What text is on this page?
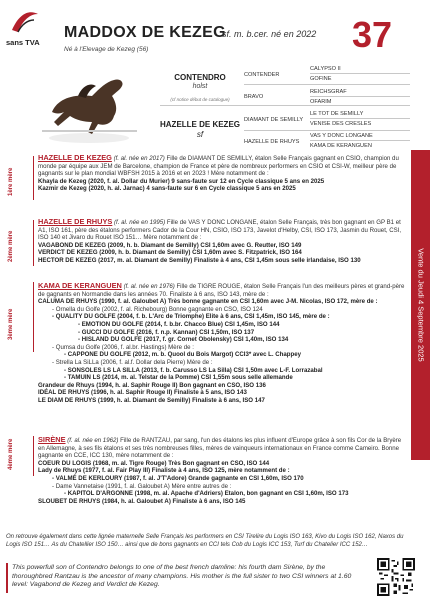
sans TVA
MADDOX DE KEZEG
sf. m. b.cer. né en 2022 37
Né à l'Elevage de Kezeg (56)
CONTENDRO
holst
(cf notice début de catalogue)
HAZELLE DE KEZEG sf
CONTENDER
BRAVO
DIAMANT DE SEMILLY
HAZELLE DE RHUYS
CALYPSO II
GOFINE
REICHSGRAF
OFARIM
LE TOT DE SEMILLY
VENISE DES CRESLES
VAS Y DONC LONGANE
KAMA DE KERANGUEN
Vente du Jeudi 4 Septembre 2025
1ère mère
2ème mère
3ème mère
4ème mère

HAZELLE DE KEZEG (f. al. née en 2017) Fille de DIAMANT DE SEMILLY, étalon Selle Français gagnant en CSIO, champion du monde par équipe aux JEM de Barcelone, champion de France et père de nombreux performers en CSIO et CSI-W, meilleur père de gagnants sur le plan mondial WBFSH 2015 à 2016 et en 2023 ! Mère notamment de :

Khayla de Kezeg (2020, f. al. Dollar du Murier) 9 sans-faute sur 12 en Cycle classique 5 ans en 2025

Kazmir de Kezeg (2020, h. al. Jarnac) 4 sans-faute sur 6 en Cycle classique 5 ans en 2025

HAZELLE DE RHUYS (f. al. née en 1995) Fille de VAS Y DONC LONGANE, étalon Selle Français, très bon gagnant en GP B1 et A1, ISO 161, père des étalons performers Cador de la Cour HN, CSIO, ISO 173, Javelot d'Helby, CSI, ISO 173, Jasmin du Rouet, CSI, ISO 140 et Jivaro du Rouet ISO 151… Mère notamment de :

VAGABOND DE KEZEG (2009, h. b. Diamant de Semilly) CSI 1,60m avec G. Reutter, ISO 149

VERDICT DE KEZEG (2009, h. b. Diamant de Semilly) CSI 1,60m avec S. Fitzpatrick, ISO 164

HECTOR DE KEZEG (2017, m. al. Diamant de Semilly) Finaliste à 4 ans, CSI 1,45m sous selle irlandaise, ISO 130

KAMA DE KERANGUEN (f. al. née en 1976) Fille de TIGRE ROUGE, étalon Selle Français l'un des meilleurs pères et grand-père de gagnants en Normandie dans les années 70. Finaliste à 6 ans, ISO 143, mère de :

CALUMA DE RHUYS (1990, f. al. Galoubet A) Très bonne gagnante en CSI 1,60m avec J-M. Nicolas, ISO 172, mère de :

- Ornella du Golfe (2002, f. al. Richebourg) Bonne gagnante en CSO, ISO 124

- QUALITY DU GOLFE (2004, f. b. L'Arc de Triomphe) Elite à 6 ans, CSI 1,45m, ISO 145, mère de :

- EMOTION DU GOLFE (2014, f. b.br. Chacco Blue) CSI 1,45m, ISO 144

- GUCCI DU GOLFE (2016, f. n.p. Kannan) CSI 1,50m, ISO 137

- HISLAND DU GOLFE (2017, f. gr. Cornet Obolensky) CSI 1,40m, ISO 134

- Qumsa du Golfe (2006, f. al.br. Hastings) Mère de :

- CAPPONE DU GOLFE (2012, m. b. Quool du Bois Margot) CCI3* avec L. Chappey

- Strella La SiLLa (2006, f. al.f. Dollar dela Pierre) Mère de :

- SONSOLES LS LA SILLA (2013, f. b. Carusso LS La Silla) CSI 1,50m avec L-F. Lorrazabal

- TAMUIN LS (2014, m. al. Telstar de la Pomme) CSI 1,55m sous selle allemande

Grandeur de Rhuys (1994, h. al. Saphir Rouge II) Bon gagnant en CSO, ISO 136

IDÉAL DE RHUYS (1996, h. al. Saphir Rouge II) Finaliste à 5 ans, ISO 143

LE DIAM DE RHUYS (1999, h. al. Diamant de Semilly) Finaliste à 6 ans, ISO 147

SIRÈNE (f. al. née en 1962) Fille de RANTZAU, par sang, l'un des étalons les plus influent d'Europe grâce à son fils Cor de la Bryère en Allemagne, à ses fils étalons et ses très nombreuses filles, mères de vainqueurs internationaux en France comme Cameiro. Bonne gagnante en CCE, ICC 130, mère notamment de :

COEUR DU LOGIS (1968, m. al. Tigre Rouge) Très Bon gagnant en CSO, ISO 144

Lady de Rhuys (1977, f. al. Fair Play III) Finaliste à 4 ans, ISO 125, mère notamment de :

- VALMÉ DE KERLOURY (1987, f. al. J'T'Adore) Grande gagnante en CSI 1,60m, ISO 170

- Dame Vannetaise (1991, f. al. Galoubet A) Mère entre autres de :

- KAPITOL D'ARGONNE (1998, m. al. Apache d'Adriers) Etalon, bon gagnant en CSI 1,60m, ISO 173

SLOUBET DE RHUYS (1984, h. al. Galoubet A) Finaliste à 6 ans, ISO 145

On retrouve également dans cette lignée maternelle Selle Français les performers en CSI Tirelire du Logis ISO 163, Kivo du Logis ISO 162, Naxos du Logis ISO 151… As du Chatellier ISO 150… ainsi que de bons gagnants en CCI tels Cob du Logis ICC 153, Turf du Chatelier ICC 152…
This powerfull son of Contendro belongs to one of the best french damline: his fourth dam Sirène, by the thoroughbred Rantzau is the ancestor of many champions. His mother is the full sister to two CSI winners at 1.60 level: Vagabond de Kezeg and Verdict de Kezeg.
